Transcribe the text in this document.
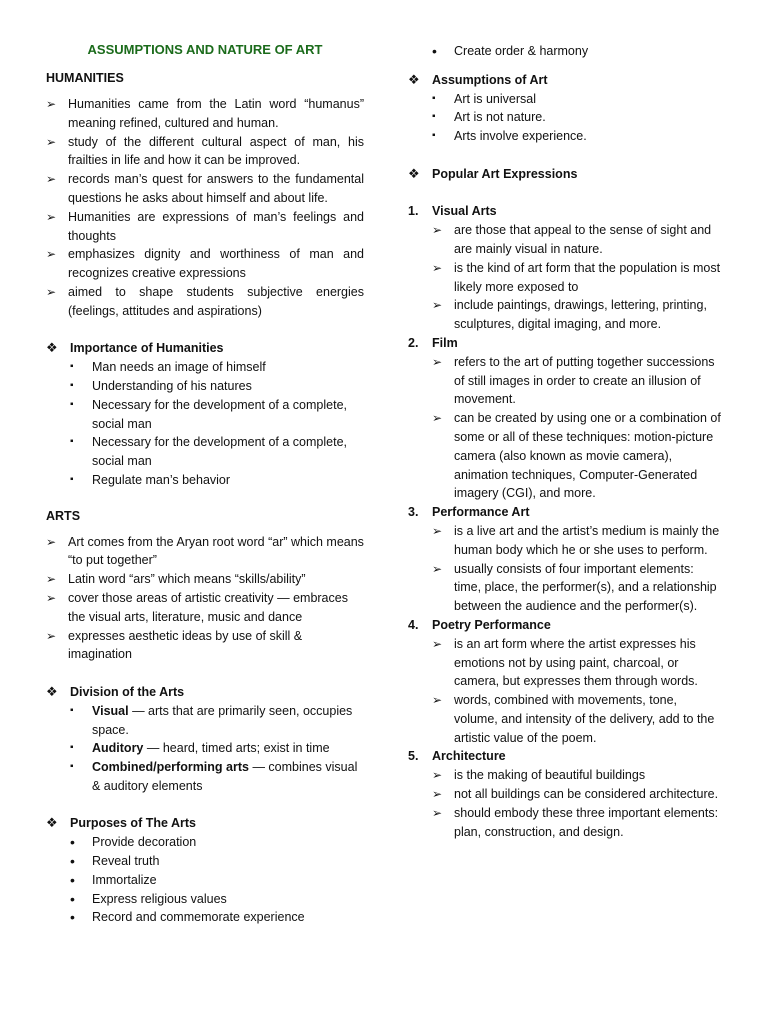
ASSUMPTIONS AND NATURE OF ART
HUMANITIES
➢ Humanities came from the Latin word “humanus” meaning refined, cultured and human.
➢ study of the different cultural aspect of man, his frailties in life and how it can be improved.
➢ records man’s quest for answers to the fundamental questions he asks about himself and about life.
➢ Humanities are expressions of man’s feelings and thoughts
➢ emphasizes dignity and worthiness of man and recognizes creative expressions
➢ aimed to shape students subjective energies (feelings, attitudes and aspirations)
❖ Importance of Humanities
▪ Man needs an image of himself
▪ Understanding of his natures
▪ Necessary for the development of a complete, social man
▪ Necessary for the development of a complete, social man
▪ Regulate man’s behavior
ARTS
➢ Art comes from the Aryan root word “ar” which means “to put together”
➢ Latin word “ars” which means “skills/ability”
➢ cover those areas of artistic creativity — embraces the visual arts, literature, music and dance
➢ expresses aesthetic ideas by use of skill & imagination
❖ Division of the Arts
▪ Visual — arts that are primarily seen, occupies space.
▪ Auditory — heard, timed arts; exist in time
▪ Combined/performing arts — combines visual & auditory elements
❖ Purposes of The Arts
• Provide decoration
• Reveal truth
• Immortalize
• Express religious values
• Record and commemorate experience
• Create order & harmony
❖ Assumptions of Art
▪ Art is universal
▪ Art is not nature.
▪ Arts involve experience.
❖ Popular Art Expressions
1. Visual Arts
➢ are those that appeal to the sense of sight and are mainly visual in nature.
➢ is the kind of art form that the population is most likely more exposed to
➢ include paintings, drawings, lettering, printing, sculptures, digital imaging, and more.
2. Film
➢ refers to the art of putting together successions of still images in order to create an illusion of movement.
➢ can be created by using one or a combination of some or all of these techniques: motion-picture camera (also known as movie camera), animation techniques, Computer-Generated imagery (CGI), and more.
3. Performance Art
➢ is a live art and the artist’s medium is mainly the human body which he or she uses to perform.
➢ usually consists of four important elements: time, place, the performer(s), and a relationship between the audience and the performer(s).
4. Poetry Performance
➢ is an art form where the artist expresses his emotions not by using paint, charcoal, or camera, but expresses them through words.
➢ words, combined with movements, tone, volume, and intensity of the delivery, add to the artistic value of the poem.
5. Architecture
➢ is the making of beautiful buildings
➢ not all buildings can be considered architecture.
➢ should embody these three important elements: plan, construction, and design.
